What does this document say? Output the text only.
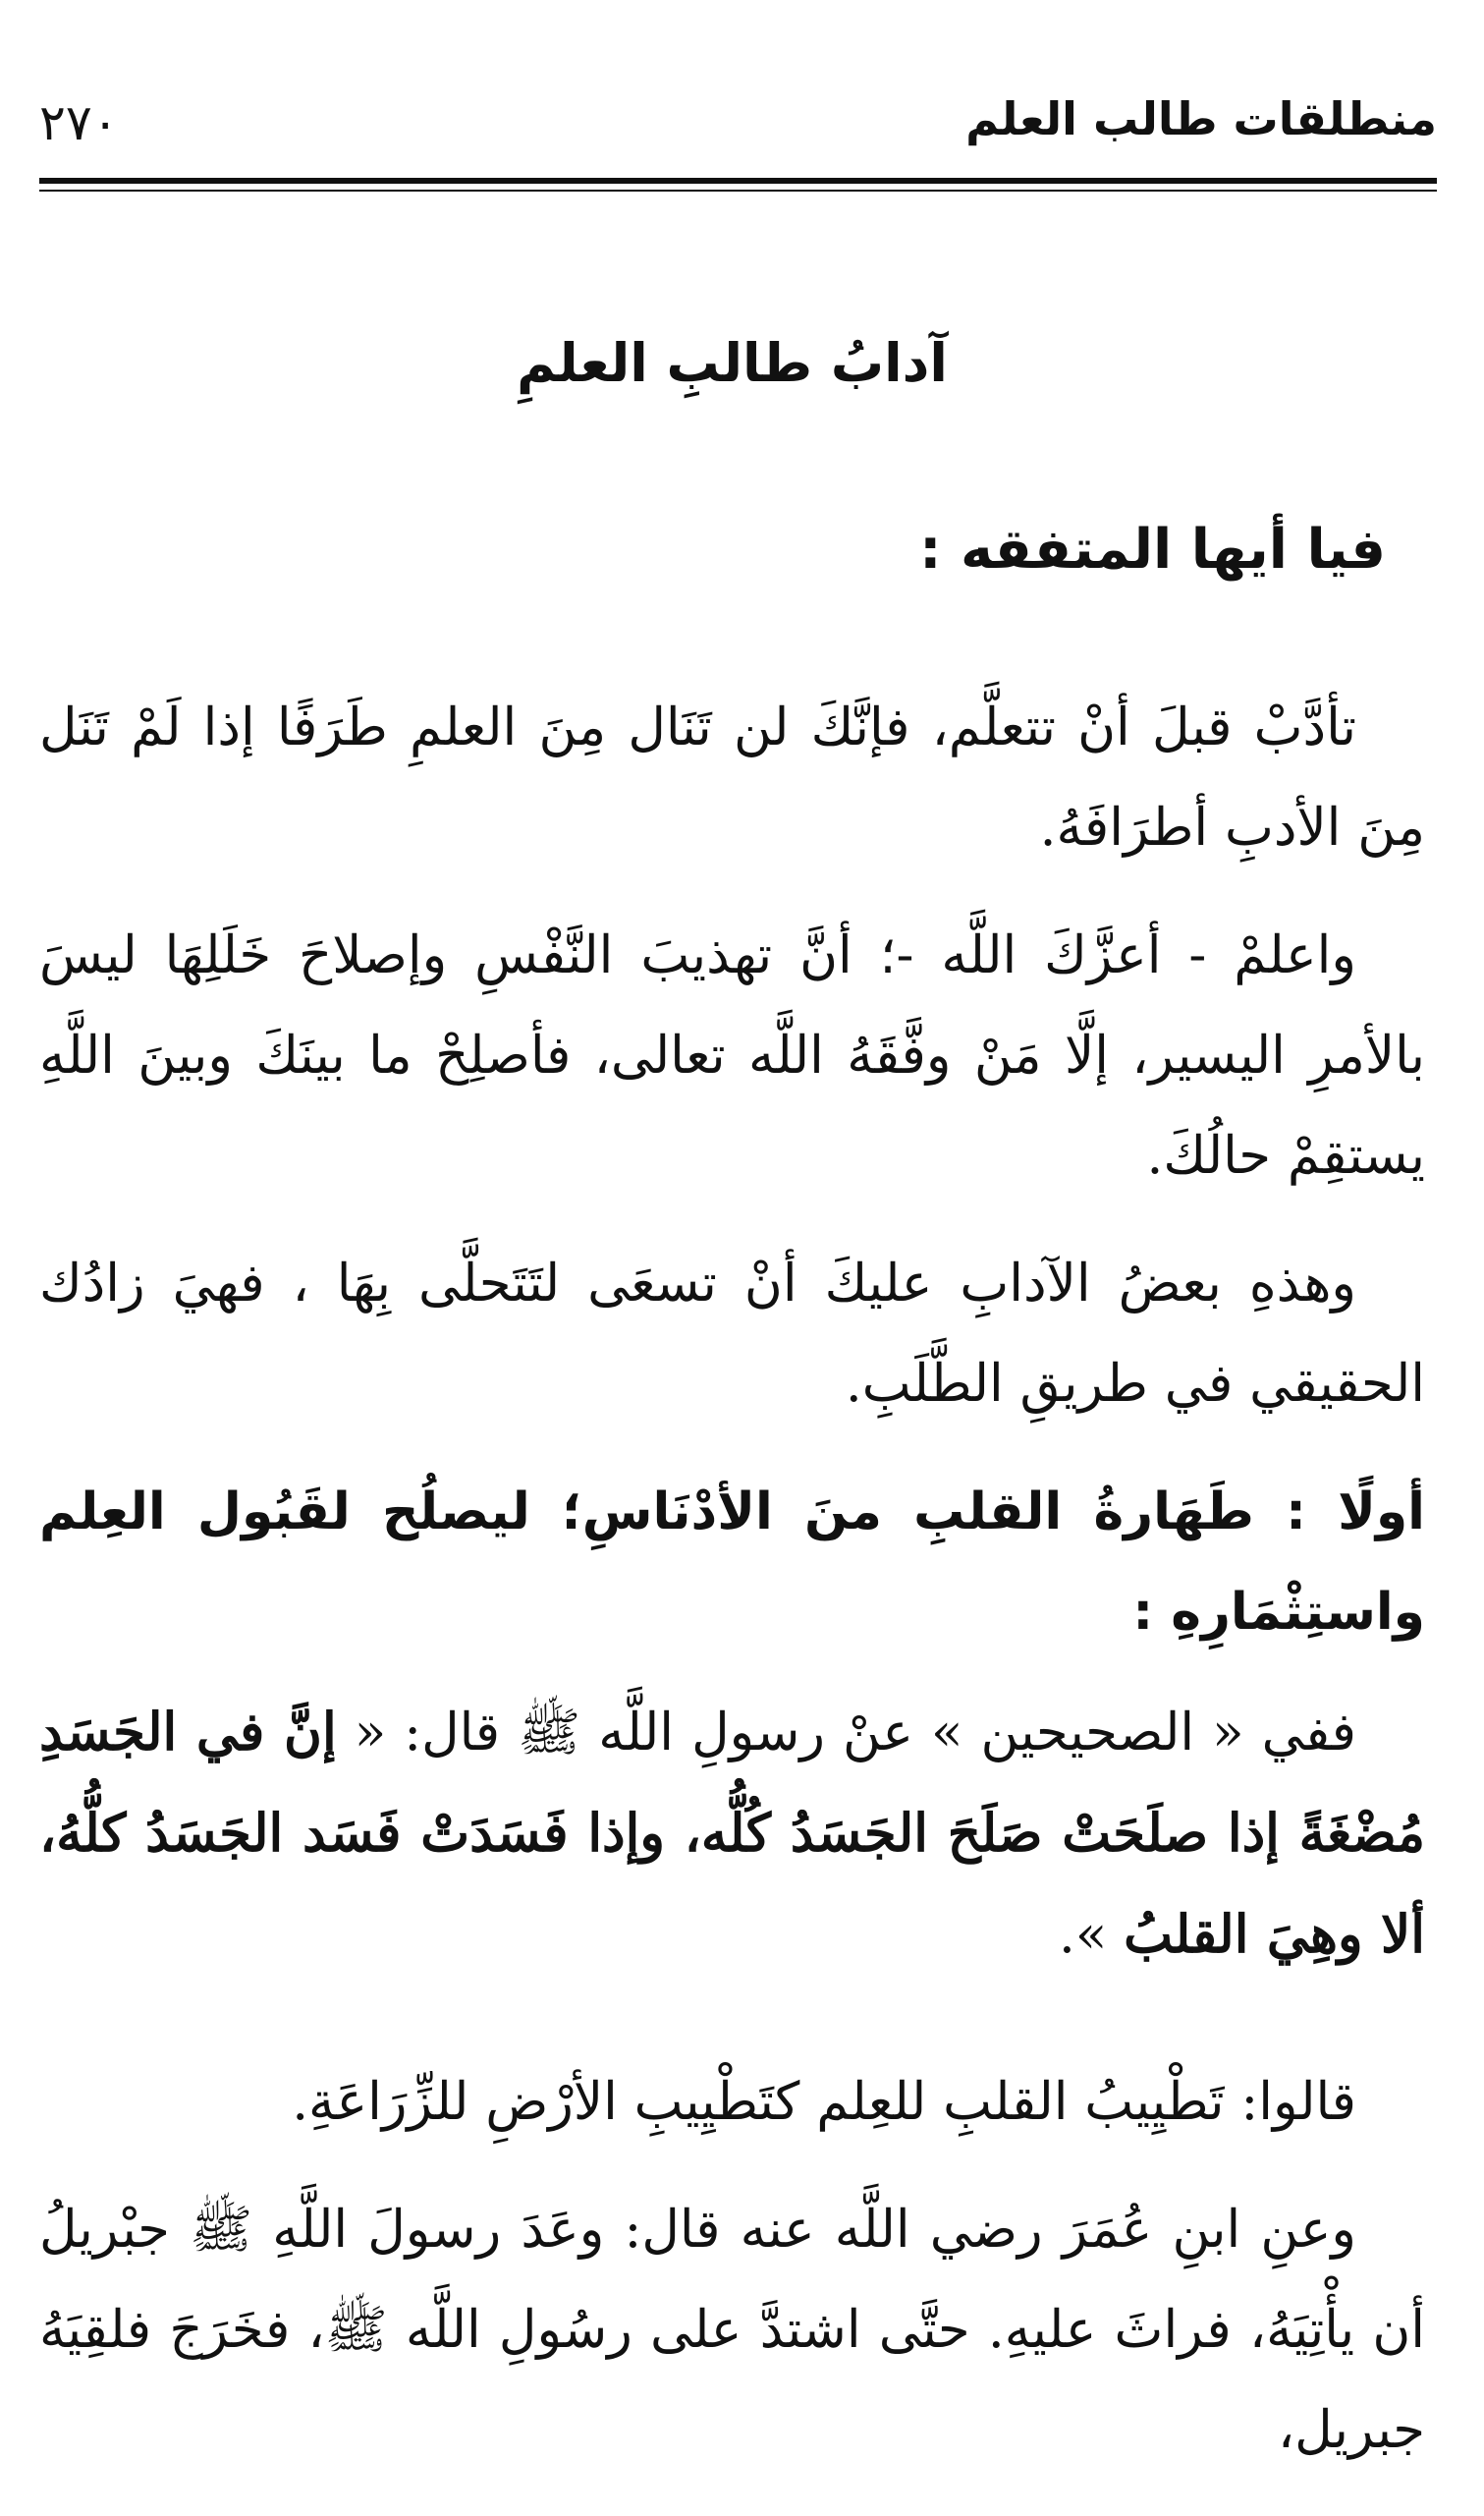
٢٧٠	منطلقات طالب العلم
آدابُ طالبِ العلمِ
فيا أيها المتفقه :

تأدَّبْ قبلَ أنْ تتعلَّم، فإنَّكَ لن تَنَال مِنَ العلمِ طَرَفًا إذا لَمْ تَنَل مِنَ الأدبِ أطرَافَهُ.

واعلمْ - أعزَّكَ اللَّه -؛ أنَّ تهذيبَ النَّفْسِ وإصلاحَ خَلَلِهَا ليسَ بالأمرِ اليسير، إلَّا مَنْ وفَّقَهُ اللَّه تعالى، فأصلِحْ ما بينَكَ وبينَ اللَّهِ يستقِمْ حالُكَ.

وهذهِ بعضُ الآدابِ عليكَ أنْ تسعَى لتَتَحلَّى بِهَا ، فهيَ زادُك الحقيقي في طريقِ الطَّلَبِ.

أولًا : طَهَارةُ القلبِ منَ الأدْنَاسِ؛ ليصلُح لقَبُول العِلم واستِثْمَارِهِ :

ففي « الصحيحين » عنْ رسولِ اللَّه ﷺ قال: « إنَّ في الجَسَدِ مُضْغَةً إذا صلَحَتْ صَلَحَ الجَسَدُ كُلُّه، وإذا فَسَدَتْ فَسَد الجَسَدُ كلُّهُ، ألا وهِيَ القلبُ ».

قالوا: تَطْيِيبُ القلبِ للعِلم كتَطْيِيبِ الأرْضِ للزِّرَاعَةِ.

وعنِ ابنِ عُمَرَ رضي اللَّه عنه قال: وعَدَ رسولَ اللَّهِ ﷺ جبْريلُ أن يأْتِيَهُ، فراثَ عليهِ. حتَّى اشتدَّ على رسُولِ اللَّه ﷺ، فخَرَجَ فلقِيَهُ جبريل،
